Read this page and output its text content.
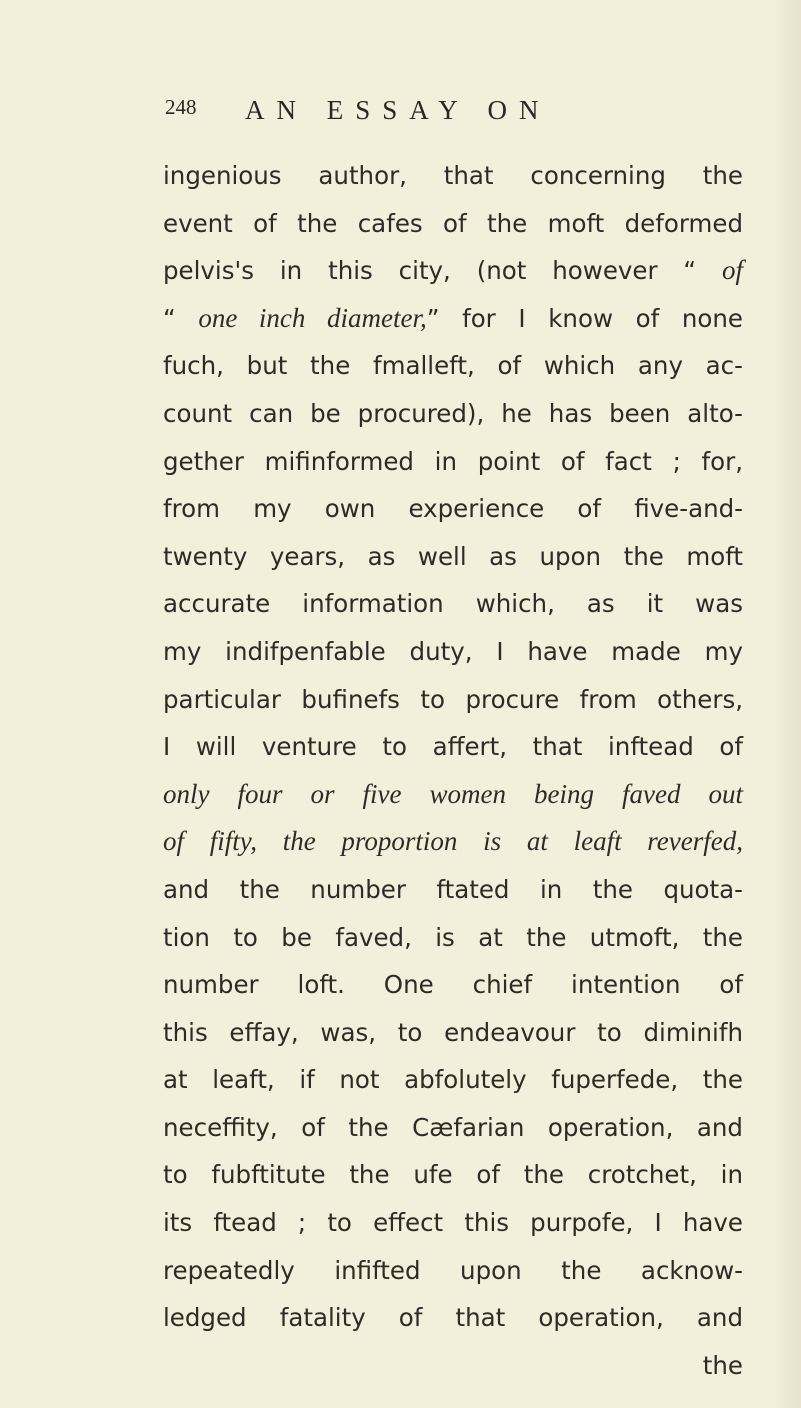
248 AN ESSAY ON
ingenious author, that concerning the
event of the cafes of the moft deformed
pelvis's in this city, (not however “ of
“ one inch diameter,” for I know of none
fuch, but the fmalleft, of which any ac-
count can be procured), he has been alto-
gether mifinformed in point of fact ; for,
from my own experience of five-and-
twenty years, as well as upon the moft
accurate information which, as it was
my indifpenfable duty, I have made my
particular bufinefs to procure from others,
I will venture to affert, that inftead of
only four or five women being faved out
of fifty, the proportion is at leaft reverfed,
and the number ftated in the quota-
tion to be faved, is at the utmoft, the
number loft. One chief intention of
this effay, was, to endeavour to diminifh
at leaft, if not abfolutely fuperfede, the
neceffity, of the Cæfarian operation, and
to fubftitute the ufe of the crotchet, in
its ftead ; to effect this purpofe, I have
repeatedly infifted upon the acknow-
ledged fatality of that operation, and
the
